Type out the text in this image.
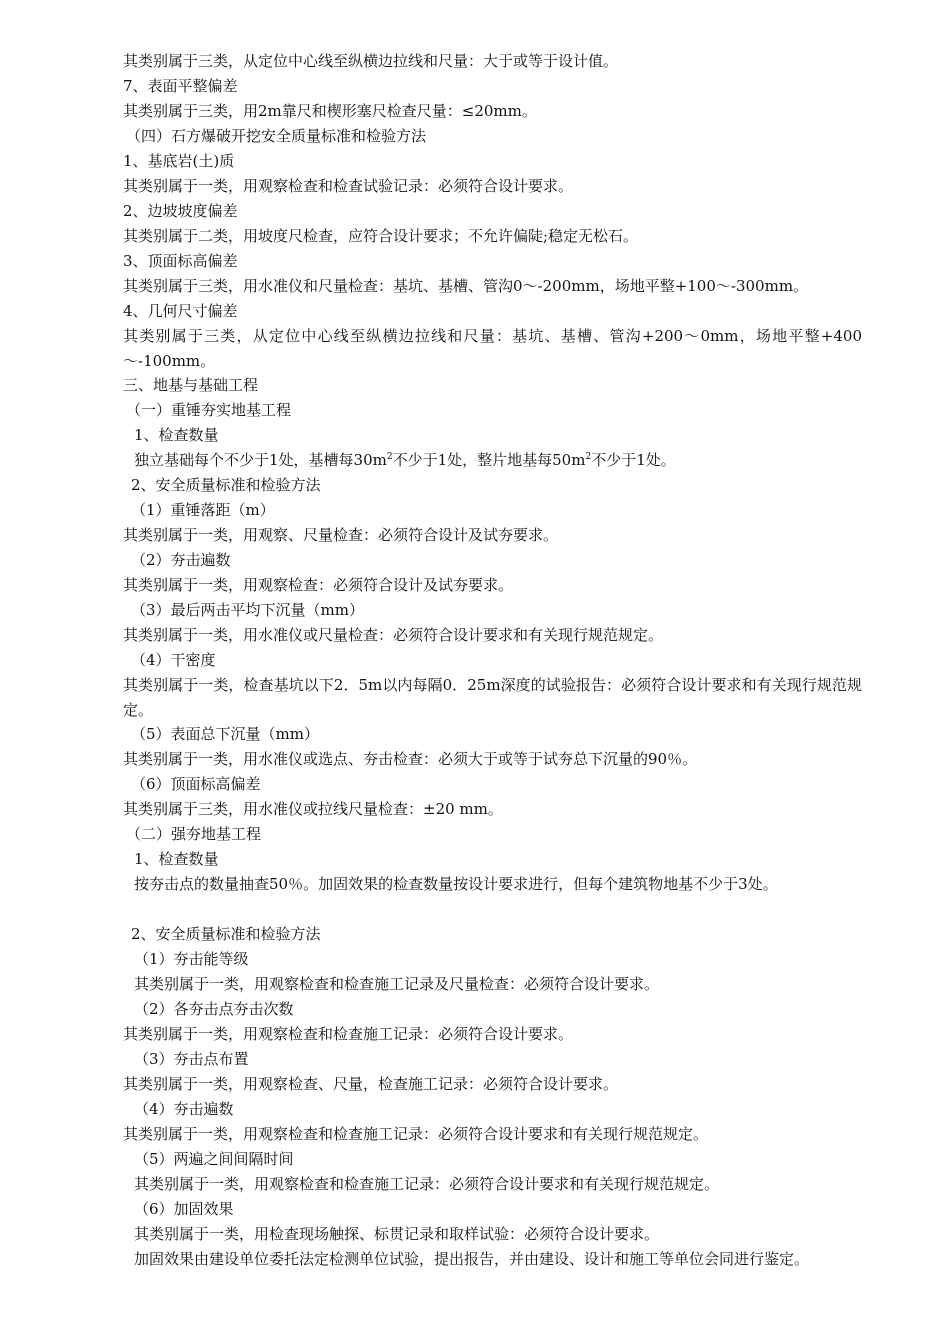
其类别属于三类，从定位中心线至纵横边拉线和尺量：大于或等于设计值。
7、表面平整偏差
其类别属于三类，用2m靠尺和楔形塞尺检查尺量：≤20mm。
（四）石方爆破开挖安全质量标准和检验方法
1、基底岩(土)质
其类别属于一类，用观察检查和检查试验记录：必须符合设计要求。
2、边坡坡度偏差
其类别属于二类，用坡度尺检查，应符合设计要求；不允许偏陡;稳定无松石。
3、顶面标高偏差
其类别属于三类，用水准仪和尺量检查：基坑、基槽、管沟0～-200mm，场地平整+100～-300mm。
4、几何尺寸偏差
其类别属于三类，从定位中心线至纵横边拉线和尺量：基坑、基槽、管沟+200～0mm，场地平整+400～-100mm。
三、地基与基础工程
（一）重锤夯实地基工程
1、检查数量
独立基础每个不少于1处，基槽每$30m^2$不少于1处，整片地基每$50m^2$不少于1处。
2、安全质量标准和检验方法
（1）重锤落距（m）
其类别属于一类，用观察、尺量检查：必须符合设计及试夯要求。
（2）夯击遍数
其类别属于一类，用观察检查：必须符合设计及试夯要求。
（3）最后两击平均下沉量（mm）
其类别属于一类，用水准仪或尺量检查：必须符合设计要求和有关现行规范规定。
（4）干密度
其类别属于一类，检查基坑以下2．5m以内每隔0．25m深度的试验报告：必须符合设计要求和有关现行规范规定。
（5）表面总下沉量（mm）
其类别属于一类，用水准仪或选点、夯击检查：必须大于或等于试夯总下沉量的90％。
（6）顶面标高偏差
其类别属于三类，用水准仪或拉线尺量检查：±20 mm。
（二）强夯地基工程
1、检查数量
按夯击点的数量抽查50％。加固效果的检查数量按设计要求进行，但每个建筑物地基不少于3处。
2、安全质量标准和检验方法
（1）夯击能等级
其类别属于一类，用观察检查和检查施工记录及尺量检查：必须符合设计要求。
（2）各夯击点夯击次数
其类别属于一类，用观察检查和检查施工记录：必须符合设计要求。
（3）夯击点布置
其类别属于一类，用观察检查、尺量，检查施工记录：必须符合设计要求。
（4）夯击遍数
其类别属于一类，用观察检查和检查施工记录：必须符合设计要求和有关现行规范规定。
（5）两遍之间间隔时间
其类别属于一类，用观察检查和检查施工记录：必须符合设计要求和有关现行规范规定。
（6）加固效果
其类别属于一类，用检查现场触探、标贯记录和取样试验：必须符合设计要求。
加固效果由建设单位委托法定检测单位试验，提出报告，并由建设、设计和施工等单位会同进行鉴定。
